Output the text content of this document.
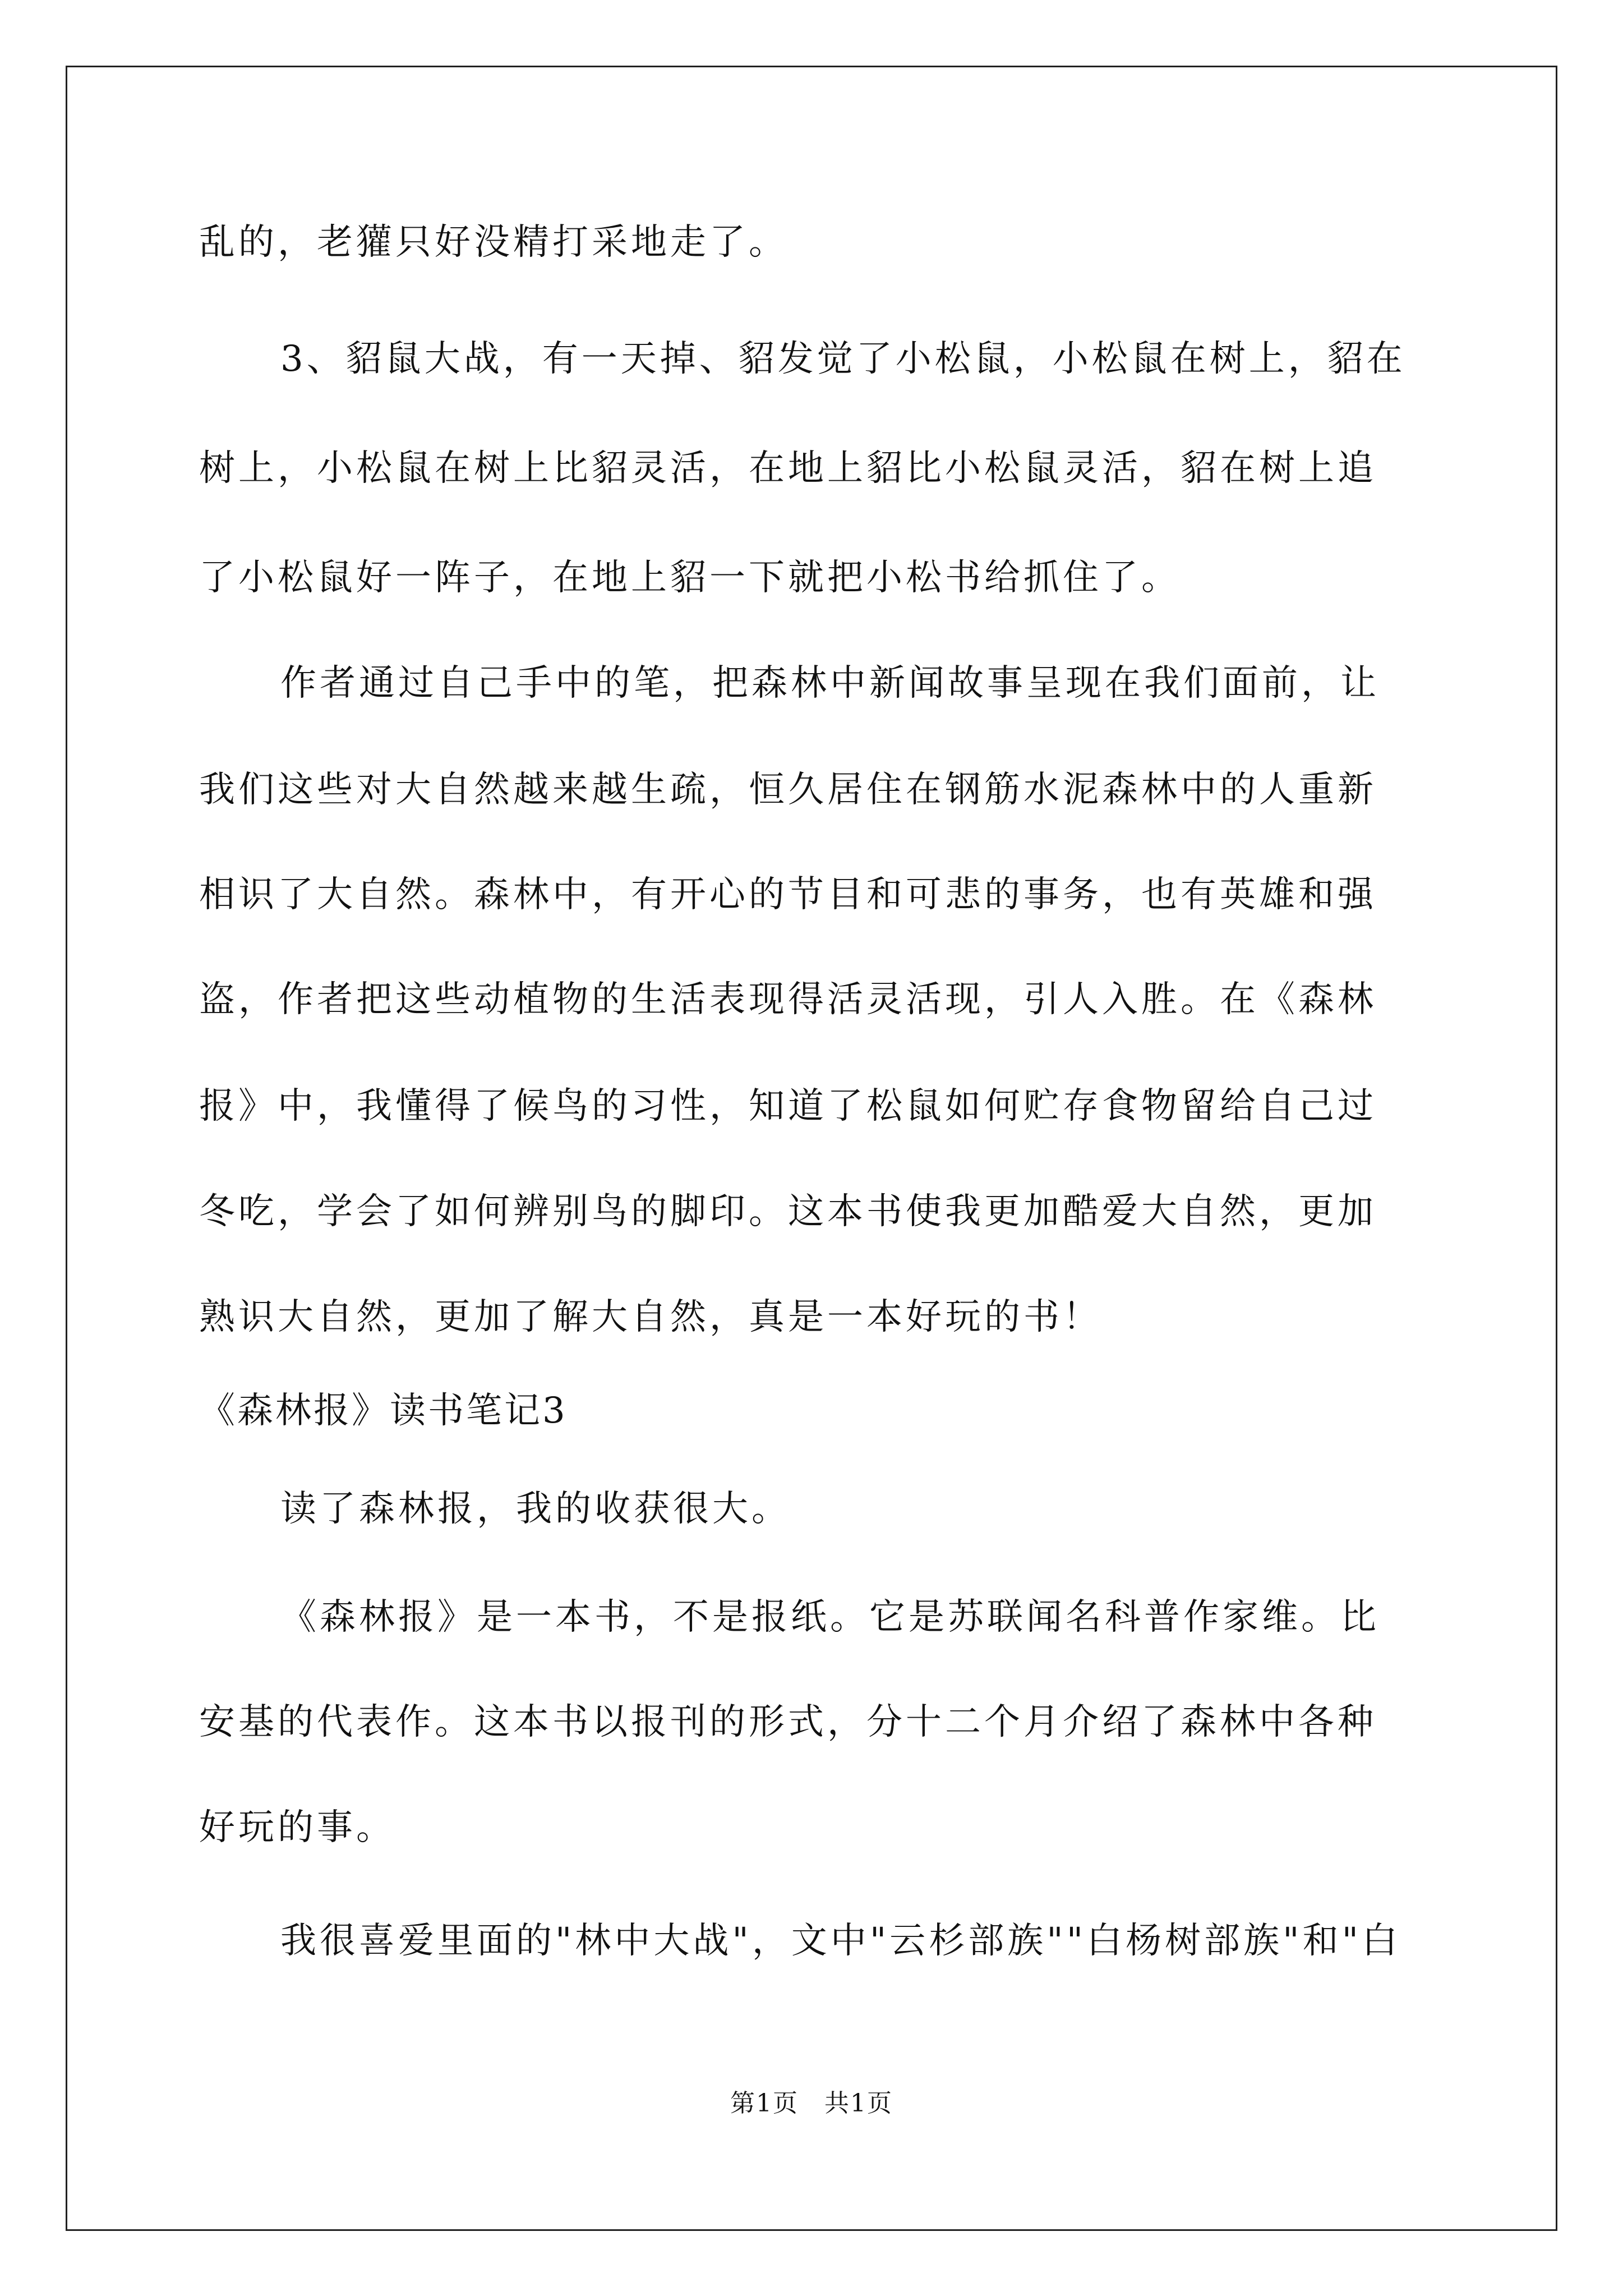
乱的，老獾只好没精打采地走了。
3、貂鼠大战，有一天掉、貂发觉了小松鼠，小松鼠在树上，貂在
树上，小松鼠在树上比貂灵活，在地上貂比小松鼠灵活，貂在树上追
了小松鼠好一阵子，在地上貂一下就把小松书给抓住了。
作者通过自己手中的笔，把森林中新闻故事呈现在我们面前，让
我们这些对大自然越来越生疏，恒久居住在钢筋水泥森林中的人重新
相识了大自然。森林中，有开心的节目和可悲的事务，也有英雄和强
盗，作者把这些动植物的生活表现得活灵活现，引人入胜。在《森林
报》中，我懂得了候鸟的习性，知道了松鼠如何贮存食物留给自己过
冬吃，学会了如何辨别鸟的脚印。这本书使我更加酷爱大自然，更加
熟识大自然，更加了解大自然，真是一本好玩的书！
《森林报》读书笔记3
读了森林报，我的收获很大。
《森林报》是一本书，不是报纸。它是苏联闻名科普作家维。比
安基的代表作。这本书以报刊的形式，分十二个月介绍了森林中各种
好玩的事。
我很喜爱里面的"林中大战"，文中"云杉部族""白杨树部族"和"白
第1页　共1页
